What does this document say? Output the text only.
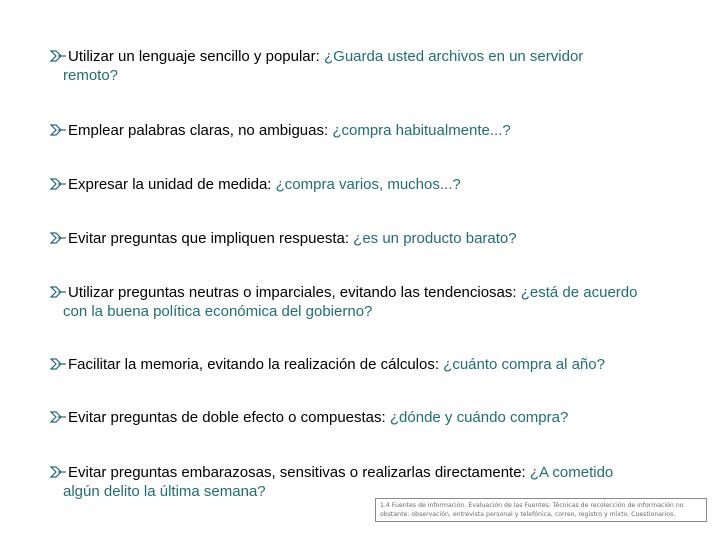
Utilizar un lenguaje sencillo y popular: ¿Guarda usted archivos en un servidor
remoto?
Emplear palabras claras, no ambiguas: ¿compra habitualmente...?
Expresar la unidad de medida: ¿compra varios, muchos...?
Evitar preguntas que impliquen respuesta: ¿es un producto barato?
Utilizar preguntas neutras o imparciales, evitando las tendenciosas: ¿está de acuerdo
con la buena política económica del gobierno?
Facilitar la memoria, evitando la realización de cálculos: ¿cuánto compra al año?
Evitar preguntas de doble efecto o compuestas: ¿dónde y cuándo compra?
Evitar preguntas embarazosas, sensitivas o realizarlas directamente: ¿A cometido
algún delito la última semana?
1.4 Fuentes de información. Evaluación de las Fuentes. Técnicas de recolección de información no obstante: observación, entrevista personal y telefónica, correo, registro y mixto. Cuestionarios.
